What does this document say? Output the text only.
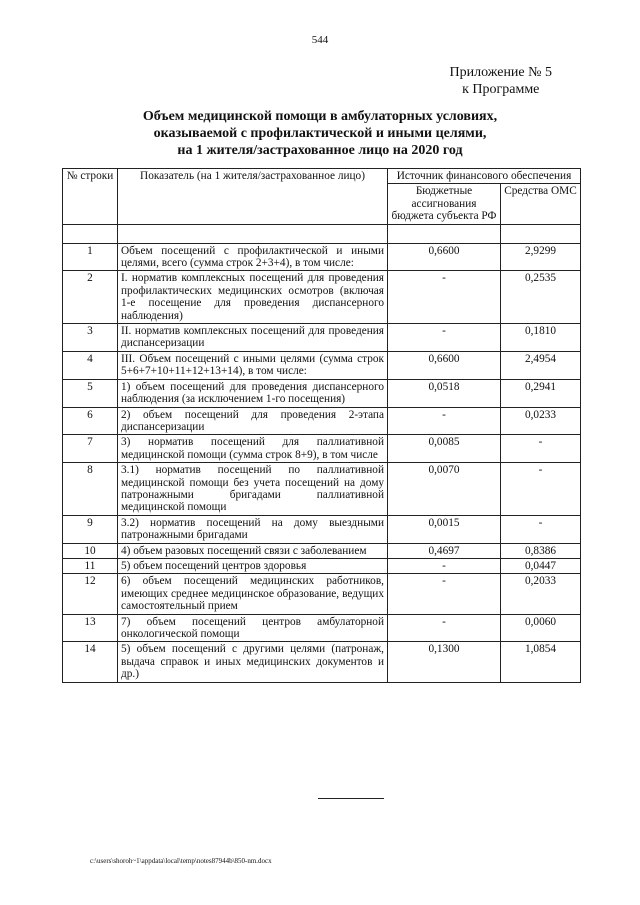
544
Приложение № 5
к Программе
Объем медицинской помощи в амбулаторных условиях,
оказываемой с профилактической и иными целями,
на 1 жителя/застрахованное лицо на 2020 год
№ строки	Показатель (на 1 жителя/застрахованное лицо)	Источник финансового обеспечения	
		Бюджетные ассигнования бюджета субъекта РФ	Средства ОМС

1	Объем посещений с профилактической и иными целями, всего (сумма строк 2+3+4), в том числе:	0,6600	2,9299
2	I. норматив комплексных посещений для проведения профилактических медицинских осмотров (включая 1-е посещение для проведения диспансерного наблюдения)	-	0,2535
3	II. норматив комплексных посещений для проведения диспансеризации	-	0,1810
4	III. Объем посещений с иными целями (сумма строк 5+6+7+10+11+12+13+14), в том числе:	0,6600	2,4954
5	1) объем посещений для проведения диспансерного наблюдения (за исключением 1-го посещения)	0,0518	0,2941
6	2) объем посещений для проведения 2-этапа диспансеризации	-	0,0233
7	3) норматив посещений для паллиативной медицинской помощи (сумма строк 8+9), в том числе	0,0085	-
8	3.1) норматив посещений по паллиативной медицинской помощи без учета посещений на дому патронажными бригадами паллиативной медицинской помощи	0,0070	-
9	3.2) норматив посещений на дому выездными патронажными бригадами	0,0015	-
10	4) объем разовых посещений связи с заболеванием	0,4697	0,8386
11	5) объем посещений центров здоровья	-	0,0447
12	6) объем посещений медицинских работников, имеющих среднее медицинское образование, ведущих самостоятельный прием	-	0,2033
13	7) объем посещений центров амбулаторной онкологической помощи	-	0,0060
14	5) объем посещений с другими целями (патронаж, выдача справок и иных медицинских документов и др.)	0,1300	1,0854
c:\users\shoroh~1\appdata\local\temp\notes87944b\850-nm.docx
